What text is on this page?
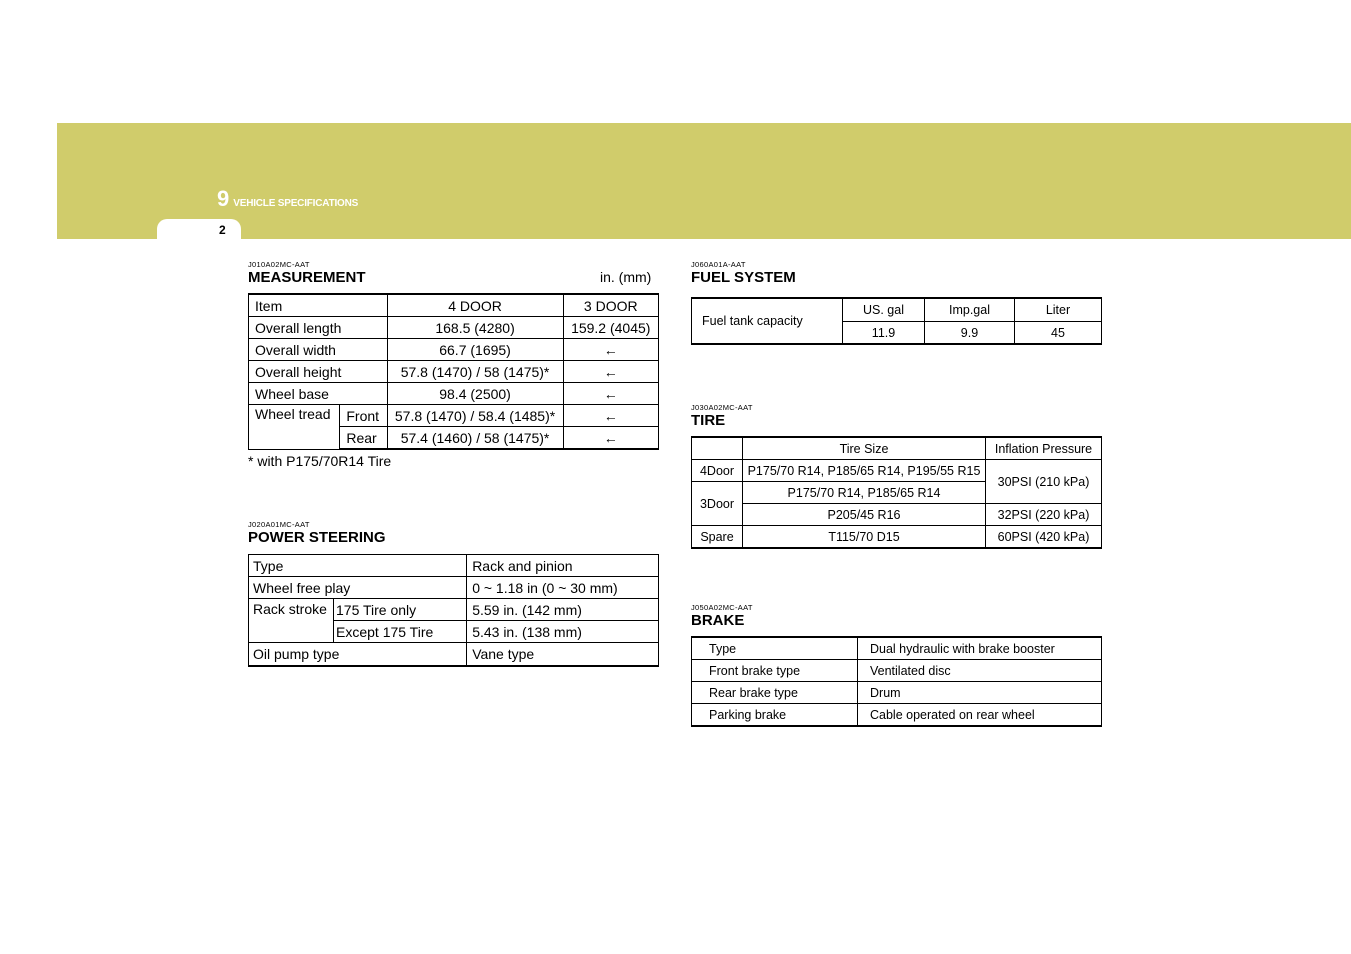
9 VEHICLE SPECIFICATIONS
2
J010A02MC-AAT
MEASUREMENT	in. (mm)
Item		4 DOOR	3 DOOR
Overall length		168.5 (4280)	159.2 (4045)
Overall width		66.7 (1695)	←
Overall height		57.8 (1470) / 58 (1475)*	←
Wheel base		98.4 (2500)	←
Wheel tread	Front	57.8 (1470) / 58.4 (1485)*	←
	Rear	57.4 (1460) / 58 (1475)*	←
* with P175/70R14 Tire
J020A01MC-AAT
POWER STEERING
Type		Rack and pinion
Wheel free play		0 ~ 1.18 in (0 ~ 30 mm)
Rack stroke	175 Tire only	5.59 in. (142 mm)
	Except 175 Tire	5.43 in. (138 mm)
Oil pump type		Vane type
J060A01A-AAT
FUEL SYSTEM
Fuel tank capacity	US. gal	Imp.gal	Liter
	11.9	9.9	45
J030A02MC-AAT
TIRE
	Tire Size	Inflation Pressure
4Door	P175/70 R14, P185/65 R14, P195/55 R15	30PSI (210 kPa)
3Door	P175/70 R14, P185/65 R14	
	P205/45 R16	32PSI (220 kPa)
Spare	T115/70 D15	60PSI (420 kPa)
J050A02MC-AAT
BRAKE
Type	Dual hydraulic with brake booster
Front brake type	Ventilated disc
Rear brake type	Drum
Parking brake	Cable operated on rear wheel
